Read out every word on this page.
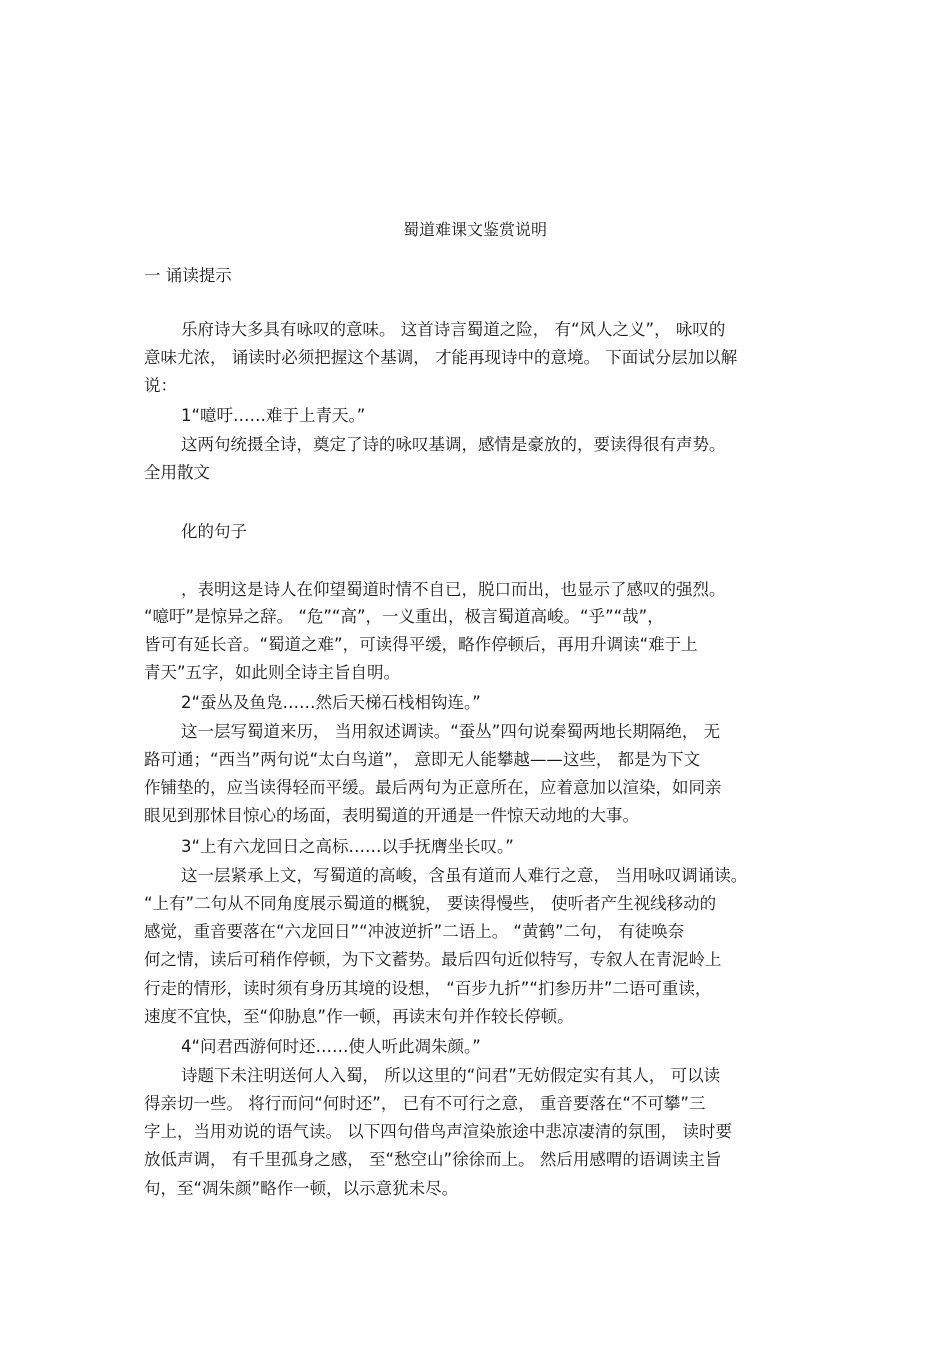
蜀道难课文鉴赏说明
一 诵读提示
乐府诗大多具有咏叹的意味。 这首诗言蜀道之险， 有“风人之义”， 咏叹的
意味尤浓， 诵读时必须把握这个基调， 才能再现诗中的意境。 下面试分层加以解
说：
1“噫吁……难于上青天。”
这两句统摄全诗，奠定了诗的咏叹基调，感情是豪放的，要读得很有声势。
全用散文
化的句子
，表明这是诗人在仰望蜀道时情不自已，脱口而出，也显示了感叹的强烈。
“噫吁”是惊异之辞。 “危”“高”，一义重出，极言蜀道高峻。“乎”“哉”，
皆可有延长音。“蜀道之难”，可读得平缓，略作停顿后，再用升调读“难于上
青天”五字，如此则全诗主旨自明。
2“蚕丛及鱼凫……然后天梯石栈相钩连。”
这一层写蜀道来历， 当用叙述调读。“蚕丛”四句说秦蜀两地长期隔绝， 无
路可通；“西当”两句说“太白鸟道”， 意即无人能攀越——这些， 都是为下文
作铺垫的，应当读得轻而平缓。最后两句为正意所在，应着意加以渲染，如同亲
眼见到那怵目惊心的场面，表明蜀道的开通是一件惊天动地的大事。
3“上有六龙回日之高标……以手抚膺坐长叹。”
这一层紧承上文，写蜀道的高峻，含虽有道而人难行之意， 当用咏叹调诵读。
“上有”二句从不同角度展示蜀道的概貌， 要读得慢些， 使听者产生视线移动的
感觉，重音要落在“六龙回日”“冲波逆折”二语上。 “黄鹤”二句， 有徒唤奈
何之情，读后可稍作停顿，为下文蓄势。最后四句近似特写，专叙人在青泥岭上
行走的情形，读时须有身历其境的设想， “百步九折”“扪参历井”二语可重读，
速度不宜快，至“仰胁息”作一顿，再读末句并作较长停顿。
4“问君西游何时还……使人听此凋朱颜。”
诗题下未注明送何人入蜀， 所以这里的“问君”无妨假定实有其人， 可以读
得亲切一些。 将行而问“何时还”， 已有不可行之意， 重音要落在“不可攀”三
字上，当用劝说的语气读。 以下四句借鸟声渲染旅途中悲凉凄清的氛围， 读时要
放低声调， 有千里孤身之感， 至“愁空山”徐徐而上。 然后用感喟的语调读主旨
句，至“凋朱颜”略作一顿，以示意犹未尽。
